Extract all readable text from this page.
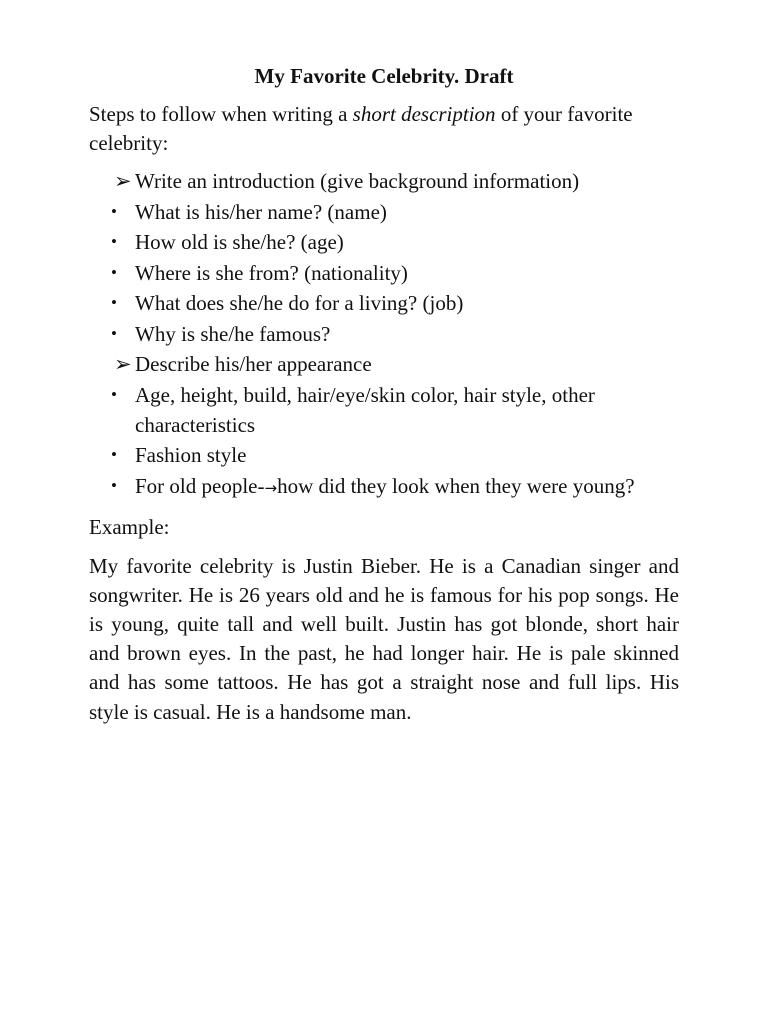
My Favorite Celebrity. Draft

Steps to follow when writing a short description of your favorite celebrity:

➢ Write an introduction (give background information)
• What is his/her name? (name)
• How old is she/he? (age)
• Where is she from? (nationality)
• What does she/he do for a living? (job)
• Why is she/he famous?
➢ Describe his/her appearance
• Age, height, build, hair/eye/skin color, hair style, other characteristics
• Fashion style
• For old people-→how did they look when they were young?

Example:

My favorite celebrity is Justin Bieber. He is a Canadian singer and songwriter. He is 26 years old and he is famous for his pop songs. He is young, quite tall and well built. Justin has got blonde, short hair and brown eyes. In the past, he had longer hair. He is pale skinned and has some tattoos. He has got a straight nose and full lips. His style is casual. He is a handsome man.
